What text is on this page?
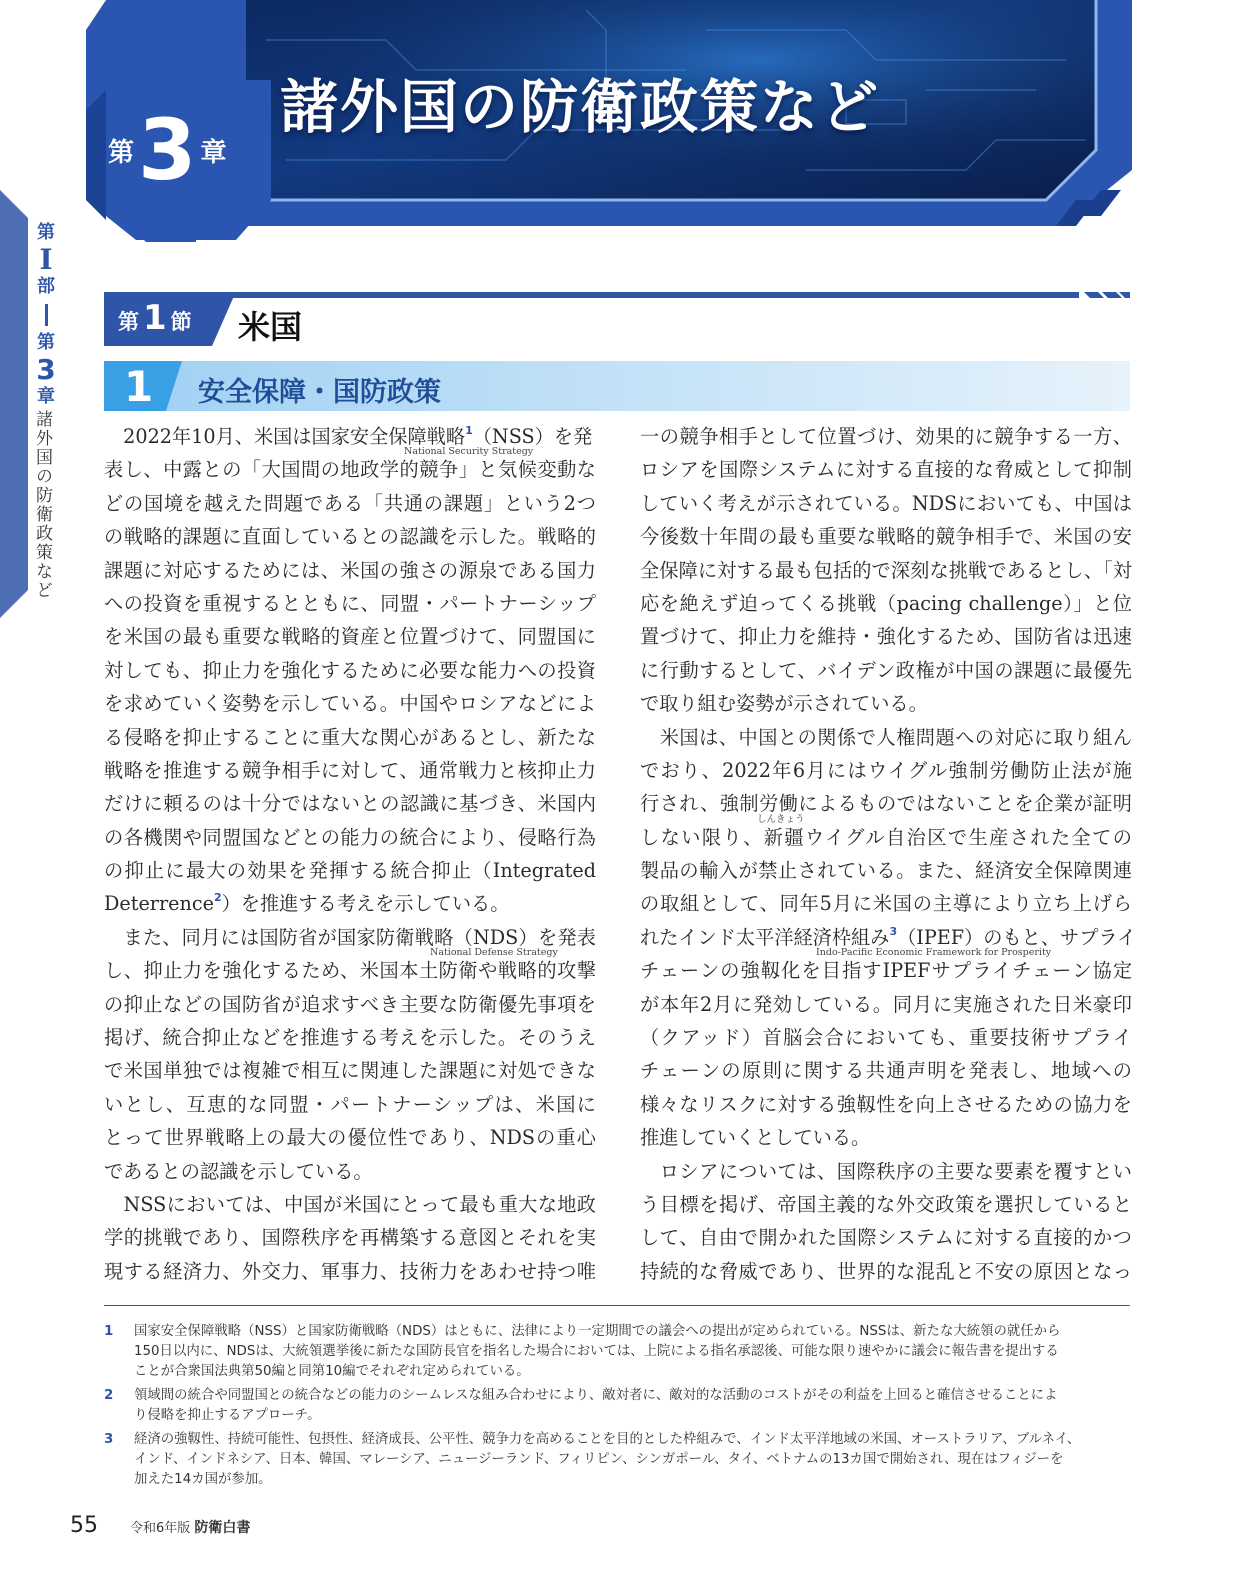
第
I
部
第
3
章
諸外国の防衛政策など
諸外国の防衛政策など
第 3 章
第 1 節 米国
1 安全保障・国防政策
　2022年10月、米国は国家安全保障戦略$^1$（NSS）を発
表し、中露との「大国間の地政学的競争」と気候変動な
どの国境を越えた問題である「共通の課題」という2つ
の戦略的課題に直面しているとの認識を示した。戦略的
課題に対応するためには、米国の強さの源泉である国力
への投資を重視するとともに、同盟・パートナーシップ
を米国の最も重要な戦略的資産と位置づけて、同盟国に
対しても、抑止力を強化するために必要な能力への投資
を求めていく姿勢を示している。中国やロシアなどによ
る侵略を抑止することに重大な関心があるとし、新たな
戦略を推進する競争相手に対して、通常戦力と核抑止力
だけに頼るのは十分ではないとの認識に基づき、米国内
の各機関や同盟国などとの能力の統合により、侵略行為
の抑止に最大の効果を発揮する統合抑止（Integrated
Deterrence$^2$）を推進する考えを示している。
　また、同月には国防省が国家防衛戦略（NDS）を発表
し、抑止力を強化するため、米国本土防衛や戦略的攻撃
の抑止などの国防省が追求すべき主要な防衛優先事項を
掲げ、統合抑止などを推進する考えを示した。そのうえ
で米国単独では複雑で相互に関連した課題に対処できな
いとし、互恵的な同盟・パートナーシップは、米国に
とって世界戦略上の最大の優位性であり、NDSの重心
であるとの認識を示している。
　NSSにおいては、中国が米国にとって最も重大な地政
学的挑戦であり、国際秩序を再構築する意図とそれを実
現する経済力、外交力、軍事力、技術力をあわせ持つ唯
National Security Strategy
National Defense Strategy
一の競争相手として位置づけ、効果的に競争する一方、
ロシアを国際システムに対する直接的な脅威として抑制
していく考えが示されている。NDSにおいても、中国は
今後数十年間の最も重要な戦略的競争相手で、米国の安
全保障に対する最も包括的で深刻な挑戦であるとし、「対
応を絶えず迫ってくる挑戦（pacing challenge）」と位
置づけて、抑止力を維持・強化するため、国防省は迅速
に行動するとして、バイデン政権が中国の課題に最優先
で取り組む姿勢が示されている。
　米国は、中国との関係で人権問題への対応に取り組ん
でおり、2022年6月にはウイグル強制労働防止法が施
行され、強制労働によるものではないことを企業が証明
しない限り、新疆ウイグル自治区で生産された全ての
製品の輸入が禁止されている。また、経済安全保障関連
の取組として、同年5月に米国の主導により立ち上げら
れたインド太平洋経済枠組み$^3$（IPEF）のもと、サプライ
チェーンの強靱化を目指すIPEFサプライチェーン協定
が本年2月に発効している。同月に実施された日米豪印
（クアッド）首脳会合においても、重要技術サプライ
チェーンの原則に関する共通声明を発表し、地域への
様々なリスクに対する強靱性を向上させるための協力を
推進していくとしている。
　ロシアについては、国際秩序の主要な要素を覆すとい
う目標を掲げ、帝国主義的な外交政策を選択していると
して、自由で開かれた国際システムに対する直接的かつ
持続的な脅威であり、世界的な混乱と不安の原因となっ
しんきょう
Indo-Pacific Economic Framework for Prosperity
1	国家安全保障戦略（NSS）と国家防衛戦略（NDS）はともに、法律により一定期間での議会への提出が定められている。NSSは、新たな大統領の就任から
150日以内に、NDSは、大統領選挙後に新たな国防長官を指名した場合においては、上院による指名承認後、可能な限り速やかに議会に報告書を提出する
ことが合衆国法典第50編と同第10編でそれぞれ定められている。
2	領域間の統合や同盟国との統合などの能力のシームレスな組み合わせにより、敵対者に、敵対的な活動のコストがその利益を上回ると確信させることによ
り侵略を抑止するアプローチ。
3	経済の強靱性、持続可能性、包摂性、経済成長、公平性、競争力を高めることを目的とした枠組みで、インド太平洋地域の米国、オーストラリア、ブルネイ、
インド、インドネシア、日本、韓国、マレーシア、ニュージーランド、フィリピン、シンガポール、タイ、ベトナムの13カ国で開始され、現在はフィジーを
加えた14カ国が参加。
55 令和6年版 防衛白書
